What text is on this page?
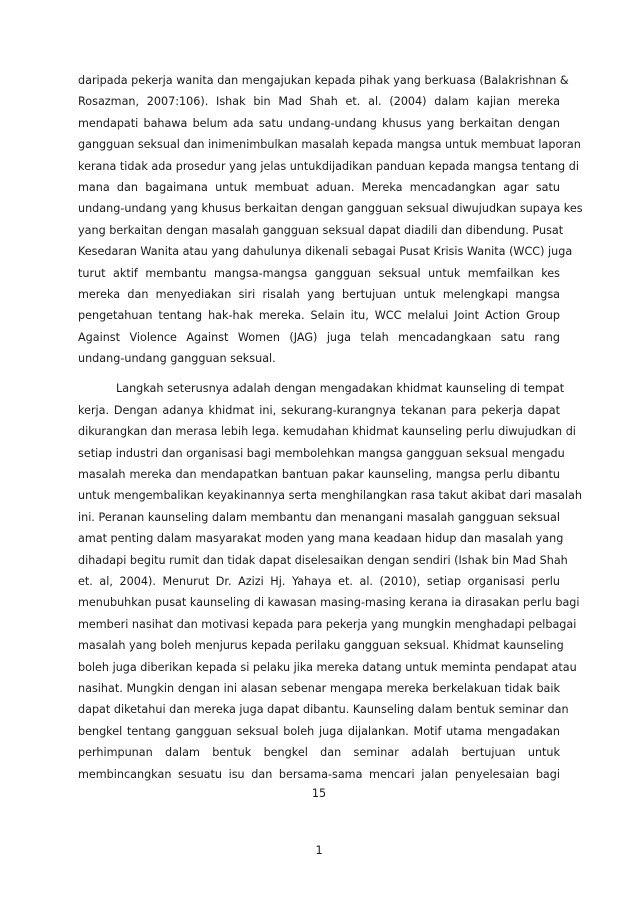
daripada pekerja wanita dan mengajukan kepada pihak yang berkuasa (Balakrishnan &
Rosazman, 2007:106). Ishak bin Mad Shah et. al. (2004) dalam kajian mereka
mendapati bahawa belum ada satu undang-undang khusus yang berkaitan dengan
gangguan seksual dan inimenimbulkan masalah kepada mangsa untuk membuat laporan
kerana tidak ada prosedur yang jelas untukdijadikan panduan kepada mangsa tentang di
mana dan bagaimana untuk membuat aduan. Mereka mencadangkan agar satu
undang-undang yang khusus berkaitan dengan gangguan seksual diwujudkan supaya kes
yang berkaitan dengan masalah gangguan seksual dapat diadili dan dibendung. Pusat
Kesedaran Wanita atau yang dahulunya dikenali sebagai Pusat Krisis Wanita (WCC) juga
turut aktif membantu mangsa-mangsa gangguan seksual untuk memfailkan kes
mereka dan menyediakan siri risalah yang bertujuan untuk melengkapi mangsa
pengetahuan tentang hak-hak mereka. Selain itu, WCC melalui Joint Action Group
Against Violence Against Women (JAG) juga telah mencadangkaan satu rang
undang-undang gangguan seksual.
Langkah seterusnya adalah dengan mengadakan khidmat kaunseling di tempat
kerja. Dengan adanya khidmat ini, sekurang-kurangnya tekanan para pekerja dapat
dikurangkan dan merasa lebih lega. kemudahan khidmat kaunseling perlu diwujudkan di
setiap industri dan organisasi bagi membolehkan mangsa gangguan seksual mengadu
masalah mereka dan mendapatkan bantuan pakar kaunseling, mangsa perlu dibantu
untuk mengembalikan keyakinannya serta menghilangkan rasa takut akibat dari masalah
ini. Peranan kaunseling dalam membantu dan menangani masalah gangguan seksual
amat penting dalam masyarakat moden yang mana keadaan hidup dan masalah yang
dihadapi begitu rumit dan tidak dapat diselesaikan dengan sendiri (Ishak bin Mad Shah
et. al, 2004). Menurut Dr. Azizi Hj. Yahaya et. al. (2010), setiap organisasi perlu
menubuhkan pusat kaunseling di kawasan masing-masing kerana ia dirasakan perlu bagi
memberi nasihat dan motivasi kepada para pekerja yang mungkin menghadapi pelbagai
masalah yang boleh menjurus kepada perilaku gangguan seksual. Khidmat kaunseling
boleh juga diberikan kepada si pelaku jika mereka datang untuk meminta pendapat atau
nasihat. Mungkin dengan ini alasan sebenar mengapa mereka berkelakuan tidak baik
dapat diketahui dan mereka juga dapat dibantu. Kaunseling dalam bentuk seminar dan
bengkel tentang gangguan seksual boleh juga dijalankan. Motif utama mengadakan
perhimpunan dalam bentuk bengkel dan seminar adalah bertujuan untuk
membincangkan sesuatu isu dan bersama-sama mencari jalan penyelesaian bagi
15
1
